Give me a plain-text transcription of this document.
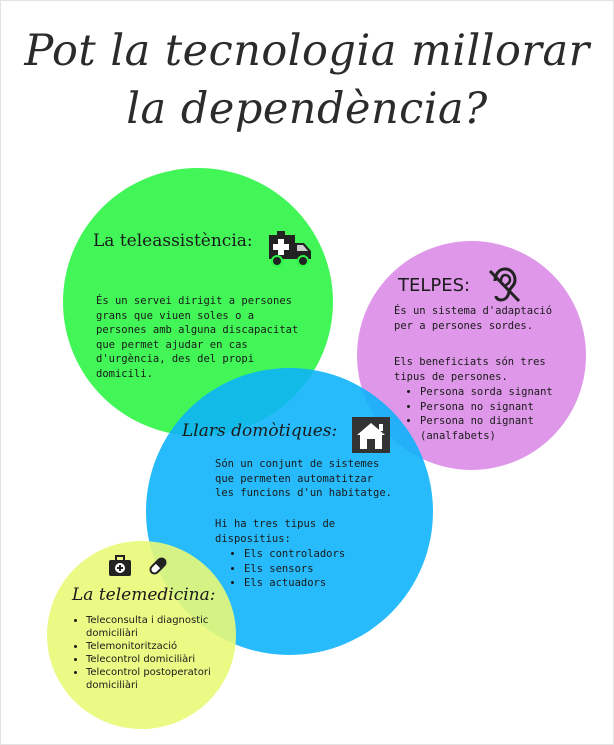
Pot la tecnologia millorar la dependència?
La teleassistència:
És un servei dirigit a persones grans que viuen soles o a persones amb alguna discapacitat que permet ajudar en cas d'urgència, des del propi domicili.
TELPES:
És un sistema d'adaptació per a persones sordes.
Els beneficiats són tres tipus de persones.
• Persona sorda signant
• Persona no signant
• Persona no dignant (analfabets)
Llars domòtiques:
Són un conjunt de sistemes que permeten automatitzar les funcions d'un habitatge.
Hi ha tres tipus de dispositius:
• Els controladors
• Els sensors
• Els actuadors
La telemedicina:
• Teleconsulta i diagnostic domiciliàri
• Telemonitorització
• Telecontrol domiciliàri
• Telecontrol postoperatori domiciliàri
